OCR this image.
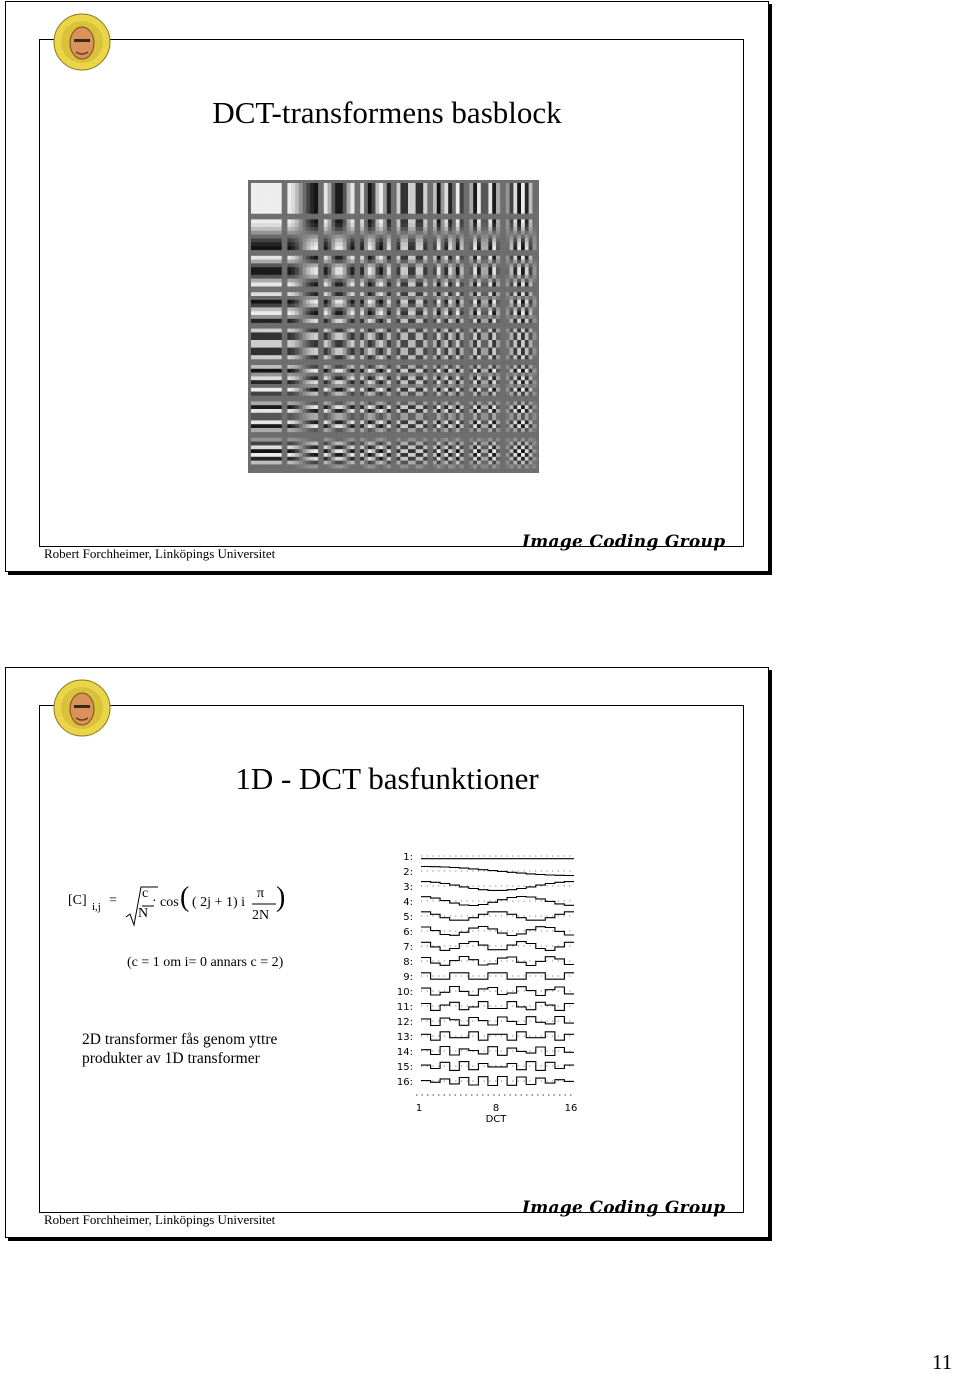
DCT-transformens basblock
Robert Forchheimer, Linköpings Universitet
Image Coding Group
1D - DCT basfunktioner
[C] i,j = c
N
· cos ( ( 2j + 1) i
π
2N
)
(c = 1 om i= 0 annars c = 2)
2D transformer fås genom yttre
produkter av 1D transformer
1:
2:
3:
4:
5:
6:
7:
8:
9:
10:
11:
12:
13:
14:
15:
16:
1	8	16
DCT
Robert Forchheimer, Linköpings Universitet
Image Coding Group
11
